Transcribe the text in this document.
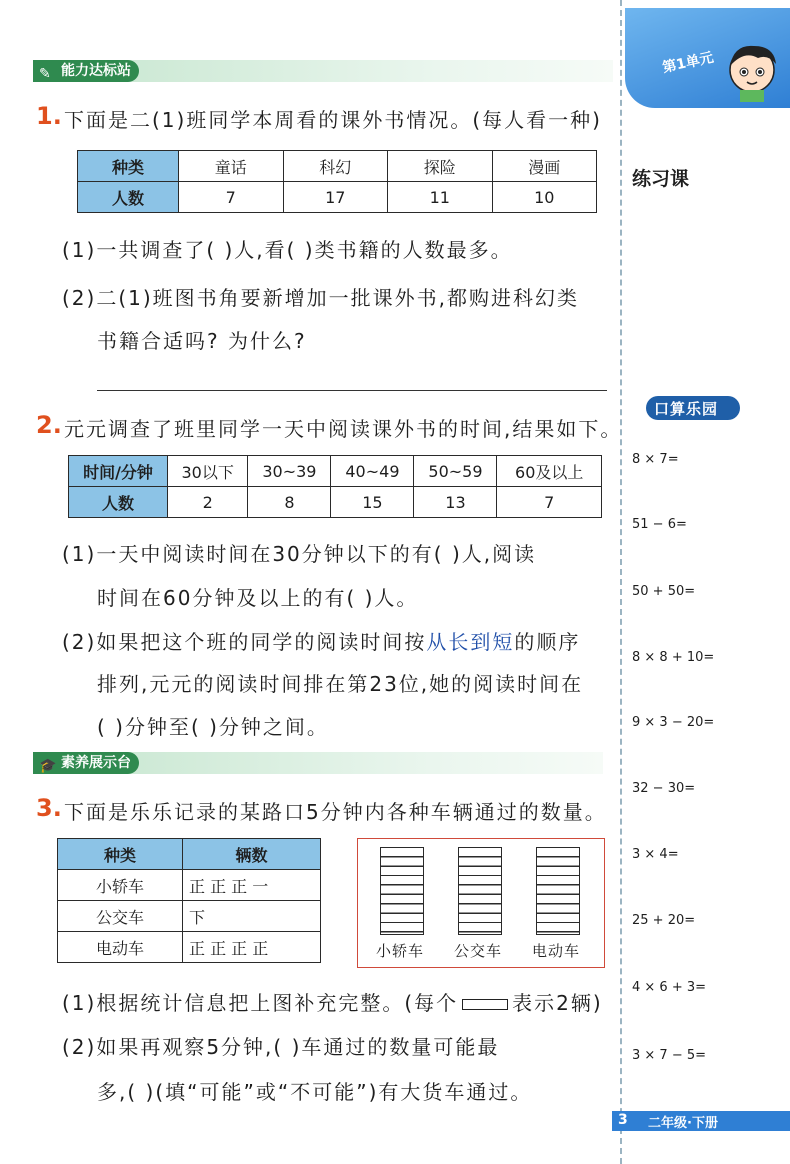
第1单元
练习课
口算乐园
8 × 7=
51 − 6=
50 + 50=
8 × 8 + 10=
9 × 3 − 20=
32 − 30=
3 × 4=
25 + 20=
4 × 6 + 3=
3 × 7 − 5=
3 二年级·下册
✎ 能力达标站
1. 下面是二(1)班同学本周看的课外书情况。(每人看一种)
种类	童话	科幻	探险	漫画
人数	7	17	11	10
(1)一共调查了( )人,看( )类书籍的人数最多。
(2)二(1)班图书角要新增加一批课外书,都购进科幻类
书籍合适吗? 为什么?
2. 元元调查了班里同学一天中阅读课外书的时间,结果如下。
时间/分钟	30以下	30~39	40~49	50~59	60及以上
人数	2	8	15	13	7
(1)一天中阅读时间在30分钟以下的有( )人,阅读
时间在60分钟及以上的有( )人。
(2)如果把这个班的同学的阅读时间按从长到短的顺序
排列,元元的阅读时间排在第23位,她的阅读时间在
( )分钟至( )分钟之间。
🎓 素养展示台
3. 下面是乐乐记录的某路口5分钟内各种车辆通过的数量。
种类	辆数
小轿车	正 正 正 一
公交车	下
电动车	正 正 正 正	小轿车 公交车 电动车
(1)根据统计信息把上图补充完整。(每个	表示2辆)
(2)如果再观察5分钟,( )车通过的数量可能最
多,( )(填“可能”或“不可能”)有大货车通过。
